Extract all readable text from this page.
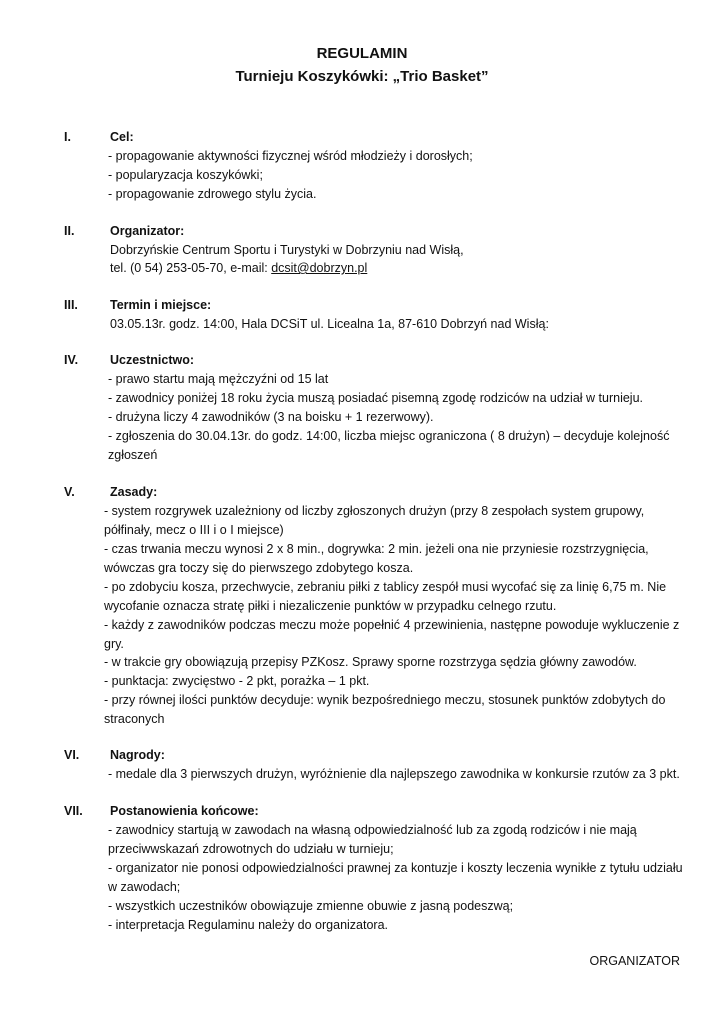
REGULAMIN
Turnieju Koszykówki: „Trio Basket”
I.	Cel:
- propagowanie aktywności fizycznej wśród młodzieży i dorosłych;
- popularyzacja koszykówki;
- propagowanie zdrowego stylu życia.
II.	Organizator:
Dobrzyńskie Centrum Sportu i Turystyki w Dobrzyniu nad Wisłą,
tel. (0 54) 253-05-70, e-mail: dcsit@dobrzyn.pl
III.	Termin i miejsce:
03.05.13r. godz. 14:00, Hala DCSiT ul. Licealna 1a, 87-610 Dobrzyń nad Wisłą:
IV.	Uczestnictwo:
- prawo startu mają mężczyźni od 15 lat
- zawodnicy poniżej 18 roku życia muszą posiadać pisemną zgodę rodziców na udział w turnieju.
- drużyna liczy 4 zawodników (3 na boisku + 1 rezerwowy).
- zgłoszenia do 30.04.13r. do godz. 14:00, liczba miejsc ograniczona ( 8 drużyn) – decyduje kolejność
zgłoszeń
V.	Zasady:
- system rozgrywek uzależniony od liczby zgłoszonych drużyn (przy 8 zespołach system grupowy,
półfinały, mecz o III i o I miejsce)
- czas trwania meczu wynosi 2 x 8 min., dogrywka: 2 min. jeżeli ona nie przyniesie rozstrzygnięcia,
wówczas gra toczy się do pierwszego zdobytego kosza.
- po zdobyciu kosza, przechwycie, zebraniu piłki z tablicy zespół musi wycofać się za linię 6,75 m. Nie
wycofanie oznacza stratę piłki i niezaliczenie punktów w przypadku celnego rzutu.
- każdy z zawodników podczas meczu może popełnić 4 przewinienia, następne powoduje wykluczenie z
gry.
- w trakcie gry obowiązują przepisy PZKosz. Sprawy sporne rozstrzyga sędzia główny zawodów.
- punktacja: zwycięstwo - 2 pkt, porażka – 1 pkt.
- przy równej ilości punktów decyduje: wynik bezpośredniego meczu, stosunek punktów zdobytych do
straconych
VI. Nagrody:
- medale dla 3 pierwszych drużyn, wyróżnienie dla najlepszego zawodnika w konkursie rzutów za 3 pkt.
VII. Postanowienia końcowe:
- zawodnicy startują w zawodach na własną odpowiedzialność lub za zgodą rodziców i nie mają
przeciwwskazań zdrowotnych do udziału w turnieju;
- organizator nie ponosi odpowiedzialności prawnej za kontuzje i koszty leczenia wynikłe z tytułu udziału
w zawodach;
- wszystkich uczestników obowiązuje zmienne obuwie z jasną podeszwą;
- interpretacja Regulaminu należy do organizatora.
ORGANIZATOR
